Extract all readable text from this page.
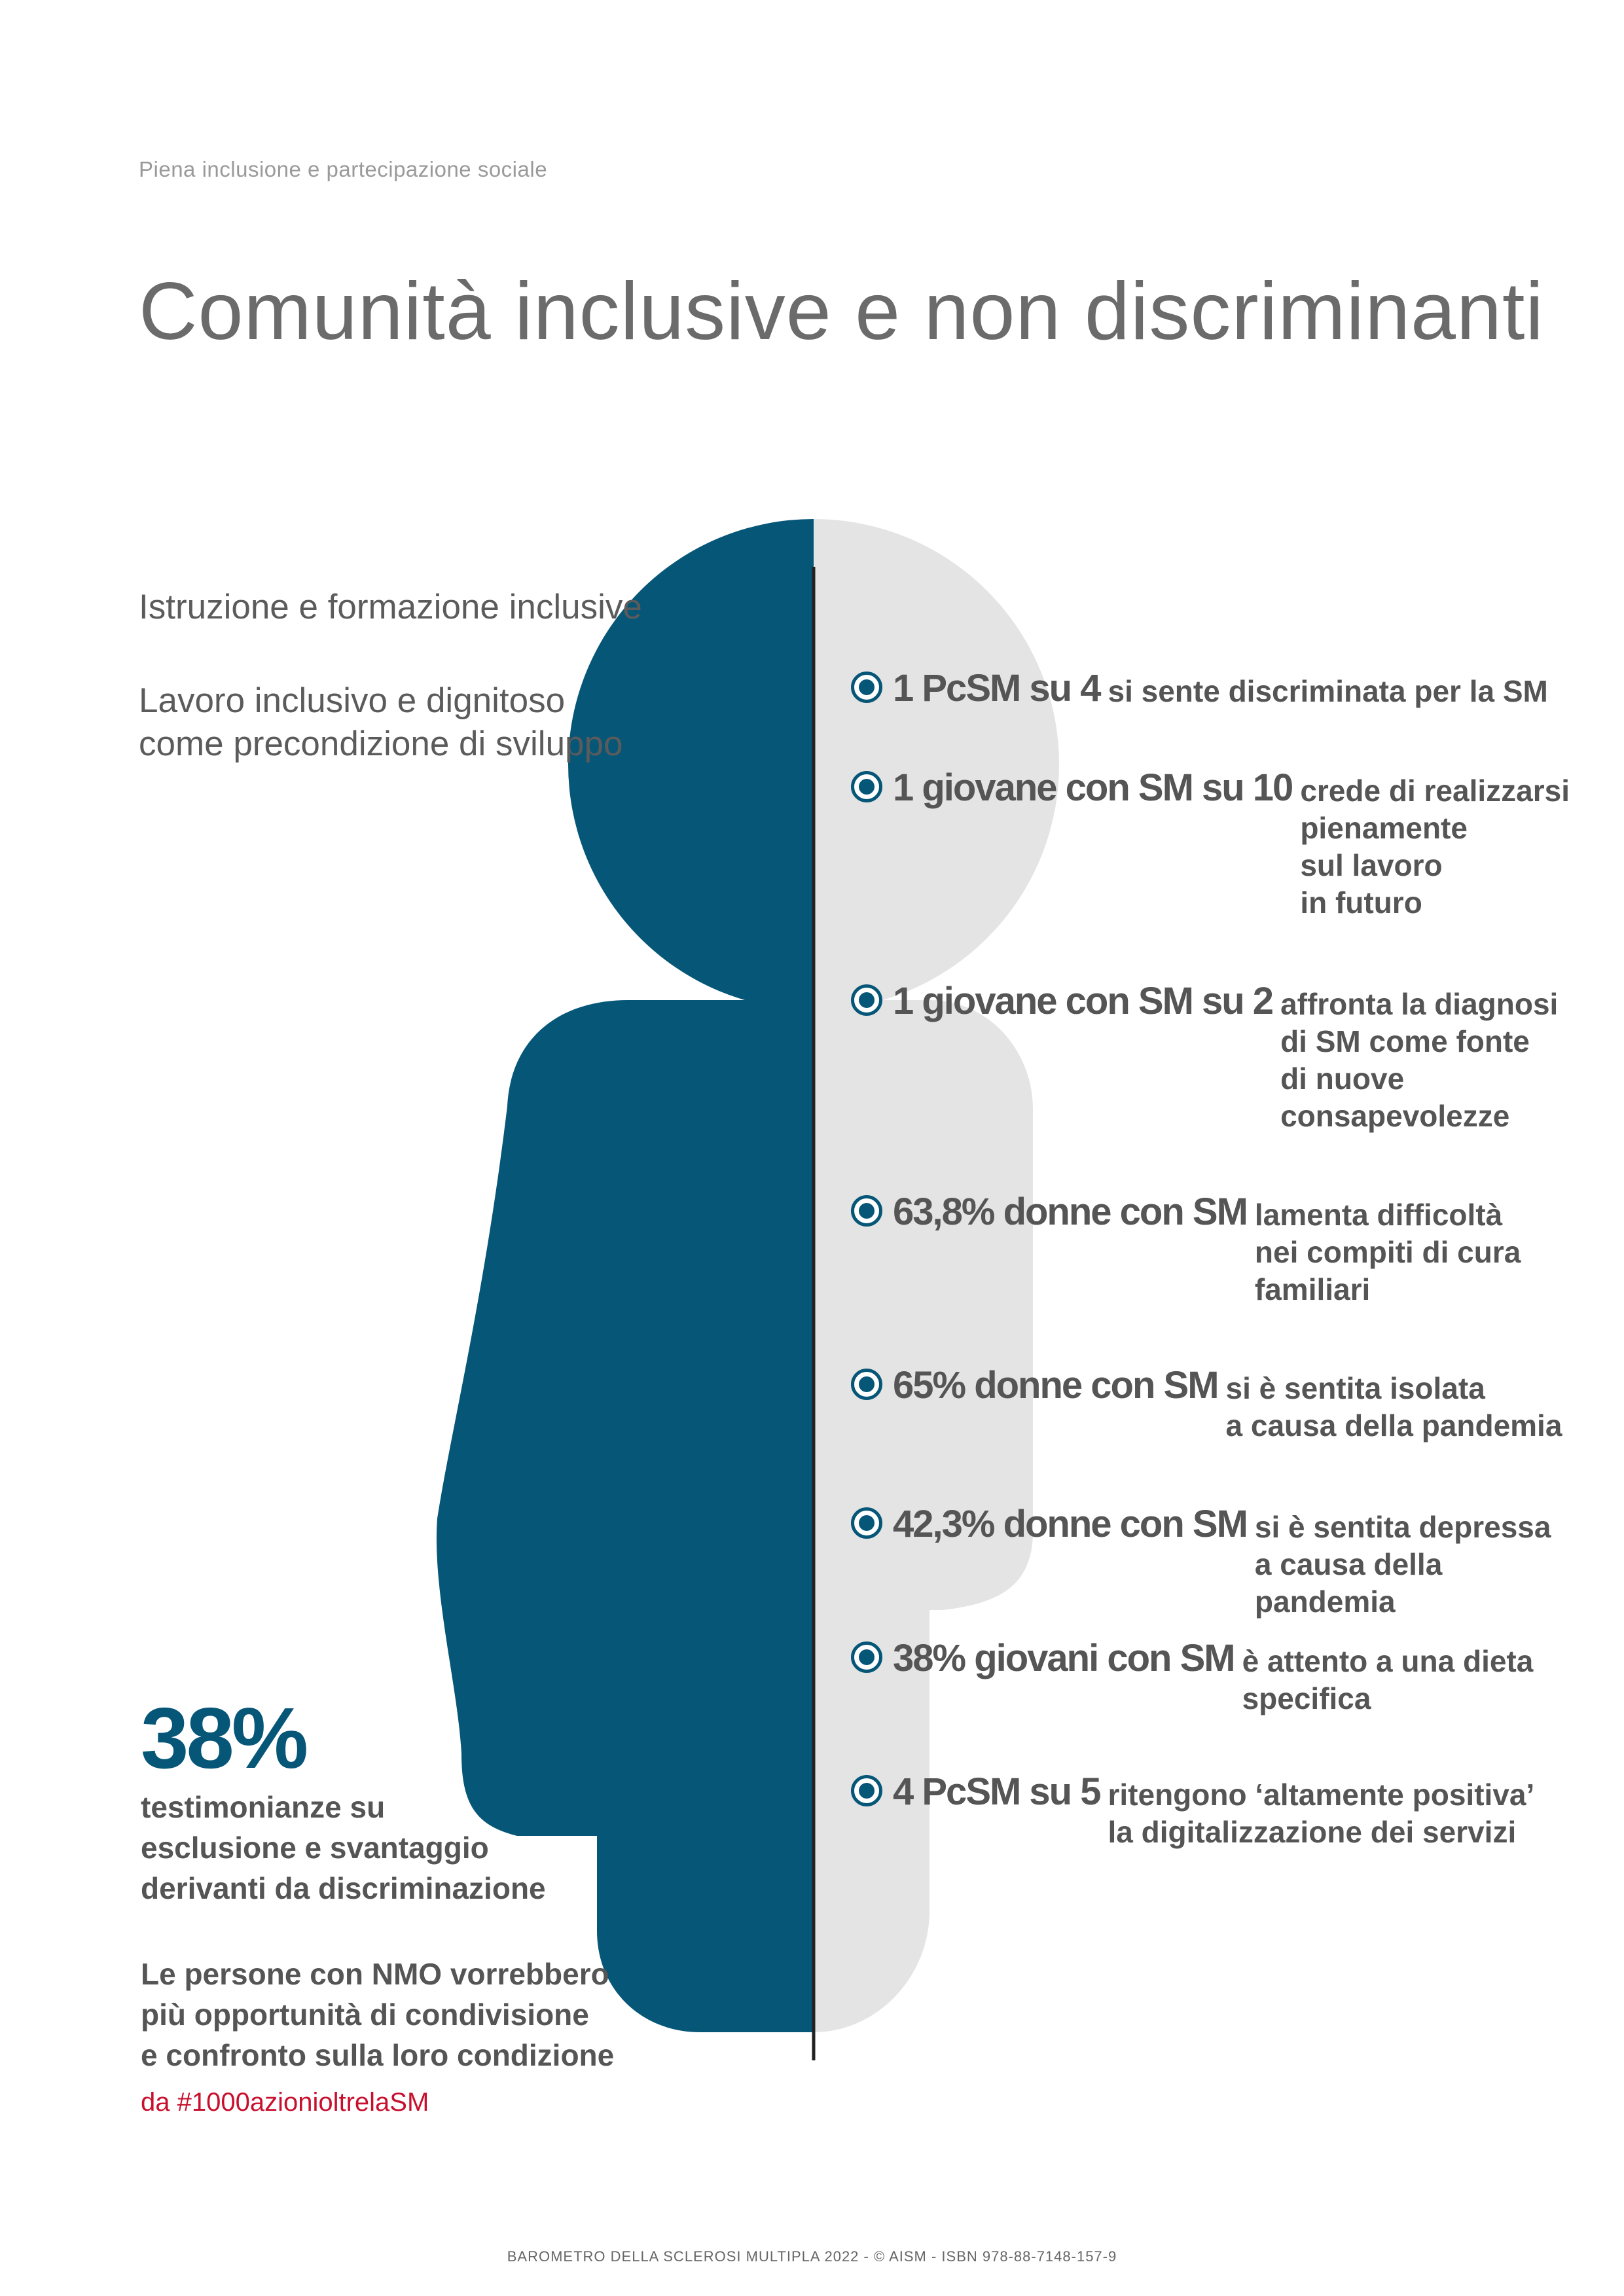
Piena inclusione e partecipazione sociale
Comunità inclusive e non discriminanti
Istruzione e formazione inclusive
Lavoro inclusivo e dignitoso
come precondizione di sviluppo
1 PcSM su 4 si sente discriminata per la SM
1 giovane con SM su 10 crede di realizzarsi
pienamente
sul lavoro
in futuro
1 giovane con SM su 2 affronta la diagnosi
di SM come fonte
di nuove
consapevolezze
63,8% donne con SM lamenta difficoltà
nei compiti di cura
familiari
65% donne con SM si è sentita isolata
a causa della pandemia
42,3% donne con SM si è sentita depressa
a causa della pandemia
38% giovani con SM è attento a una dieta
specifica
4 PcSM su 5 ritengono ‘altamente positiva’
la digitalizzazione dei servizi
38%
testimonianze su
esclusione e svantaggio
derivanti da discriminazione
Le persone con NMO vorrebbero
più opportunità di condivisione
e confronto sulla loro condizione
da #1000azionioltrelaSM
BAROMETRO DELLA SCLEROSI MULTIPLA 2022 - © AISM - ISBN 978-88-7148-157-9
